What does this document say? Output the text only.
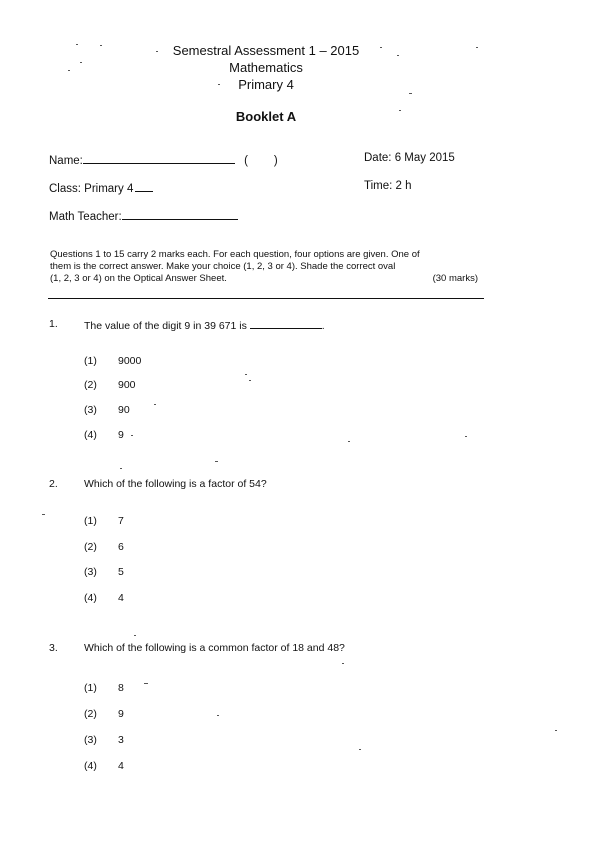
Semestral Assessment 1 – 2015
Mathematics
Primary 4
Booklet A
Name:	( )	Date: 6 May 2015
Class: Primary 4	Time: 2 h
Math Teacher:
Questions 1 to 15 carry 2 marks each. For each question, four options are given. One of
them is the correct answer. Make your choice (1, 2, 3 or 4). Shade the correct oval
(1, 2, 3 or 4) on the Optical Answer Sheet.	(30 marks)
1. The value of the digit 9 in 39 671 is	.
(1) 9000
(2) 900
(3) 90
(4) 9
2. Which of the following is a factor of 54?
(1) 7
(2) 6
(3) 5
(4) 4
3. Which of the following is a common factor of 18 and 48?
(1) 8
(2) 9
(3) 3
(4) 4
